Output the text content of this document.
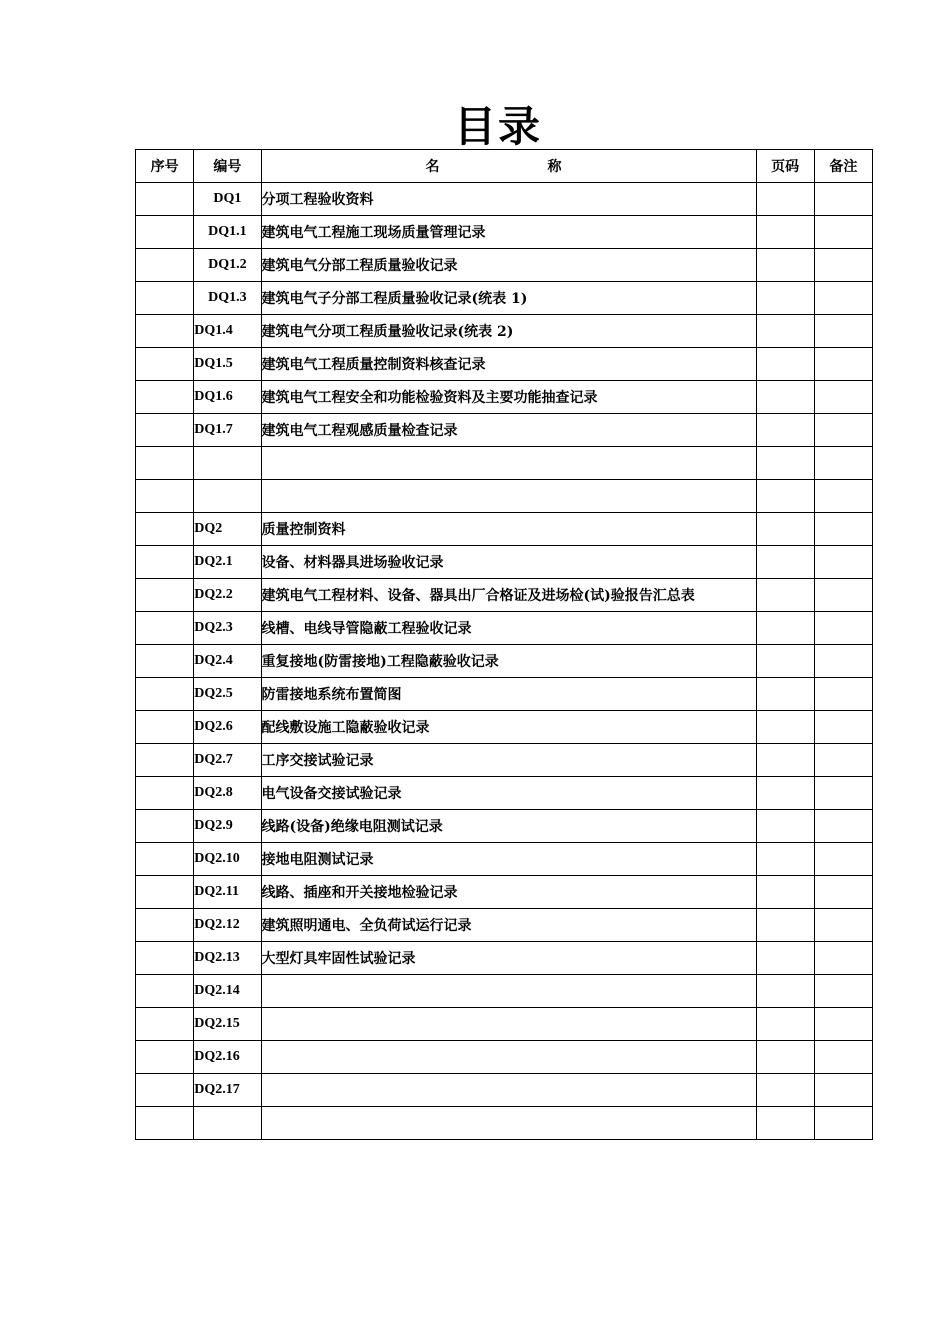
目录
序号	编号	名 称	页码	备注
	DQ1	分项工程验收资料		
	DQ1.1	建筑电气工程施工现场质量管理记录		
	DQ1.2	建筑电气分部工程质量验收记录		
	DQ1.3	建筑电气子分部工程质量验收记录(统表 1)		
	DQ1.4	建筑电气分项工程质量验收记录(统表 2)		
	DQ1.5	建筑电气工程质量控制资料核查记录		
	DQ1.6	建筑电气工程安全和功能检验资料及主要功能抽查记录		
	DQ1.7	建筑电气工程观感质量检查记录		

	DQ2	质量控制资料		
	DQ2.1	设备、材料器具进场验收记录		
	DQ2.2	建筑电气工程材料、设备、器具出厂合格证及进场检(试)验报告汇总表		
	DQ2.3	线槽、电线导管隐蔽工程验收记录		
	DQ2.4	重复接地(防雷接地)工程隐蔽验收记录		
	DQ2.5	防雷接地系统布置简图		
	DQ2.6	配线敷设施工隐蔽验收记录		
	DQ2.7	工序交接试验记录		
	DQ2.8	电气设备交接试验记录		
	DQ2.9	线路(设备)绝缘电阻测试记录		
	DQ2.10	接地电阻测试记录		
	DQ2.11	线路、插座和开关接地检验记录		
	DQ2.12	建筑照明通电、全负荷试运行记录		
	DQ2.13	大型灯具牢固性试验记录		
	DQ2.14			
	DQ2.15			
	DQ2.16			
	DQ2.17			
